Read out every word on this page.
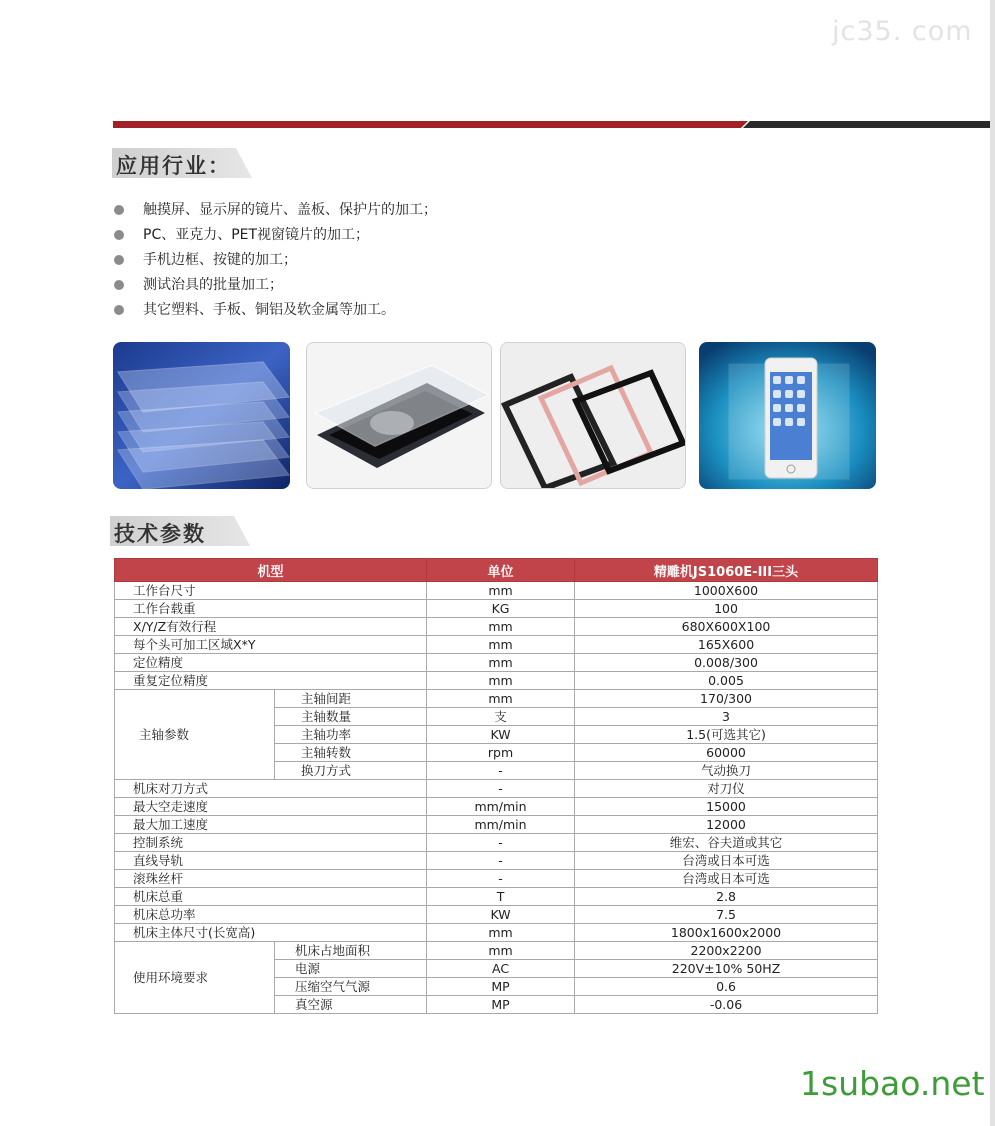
jc35. com
应用行业：
触摸屏、显示屏的镜片、盖板、保护片的加工；
PC、亚克力、PET视窗镜片的加工；
手机边框、按键的加工；
测试治具的批量加工；
其它塑料、手板、铜铝及软金属等加工。
技术参数
机型		单位	精雕机JS1060E-III三头
工作台尺寸		mm	1000X600
工作台载重		KG	100
X/Y/Z有效行程		mm	680X600X100
每个头可加工区域X*Y		mm	165X600
定位精度		mm	0.008/300
重复定位精度		mm	0.005
主轴参数	主轴间距	mm	170/300
	主轴数量	支	3
	主轴功率	KW	1.5(可选其它)
	主轴转数	rpm	60000
	换刀方式	-	气动换刀
机床对刀方式		-	对刀仪
最大空走速度		mm/min	15000
最大加工速度		mm/min	12000
控制系统		-	维宏、谷夫道或其它
直线导轨		-	台湾或日本可选
滚珠丝杆		-	台湾或日本可选
机床总重		T	2.8
机床总功率		KW	7.5
机床主体尺寸(长宽高)		mm	1800x1600x2000
使用环境要求	机床占地面积	mm	2200x2200
	电源	AC	220V±10% 50HZ
	压缩空气气源	MP	0.6
	真空源	MP	-0.06
1subao.net
